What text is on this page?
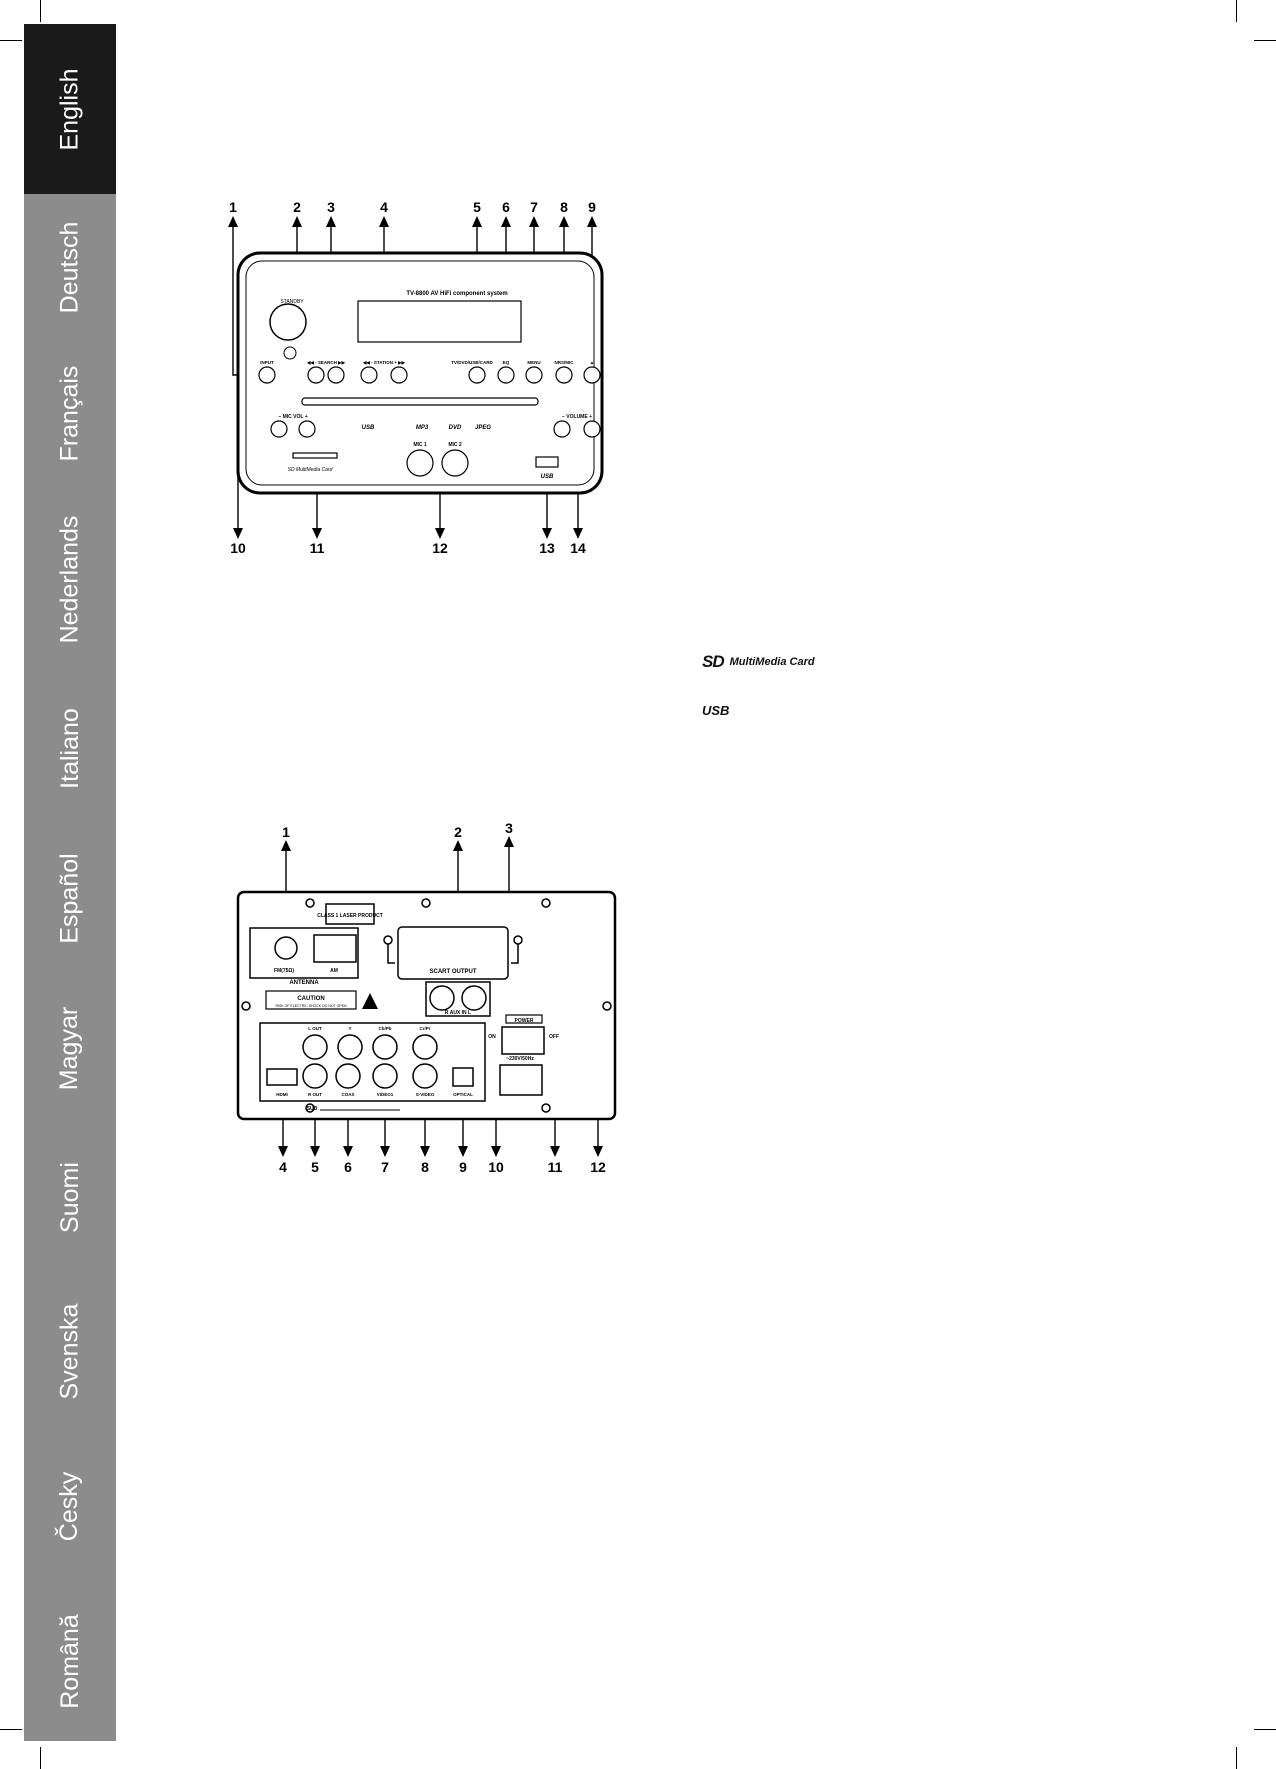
English
Deutsch
Français
Nederlands
Italiano
Español
Magyar
Suomi
Svenska
Česky
Română
1	2 3	4	5 6 7 8 9
10	11	12	13 14
STANDBY
TV-8800 AV HiFi component system
INPUT	◀◀ - SEARCH ▶▶	◀◀ - STATION + ▶▶	TV/DVD/USB/CARD EQ	MENU	NRS/MIC	▲
USB	MP3	DVD JPEG
− MIC VOL +	− VOLUME +
SD MultiMedia Card
MIC 1	MIC 2
USB
SD MultiMedia Card
USB
1	2	3
4 5 6 7 8 9 10	11 12
CLASS 1 LASER PRODUCT
FM(75Ω)	AM
ANTENNA
SCART OUTPUT
R AUX IN L
CAUTION
RISK OF ELECTRIC SHOCK DO NOT OPEN
POWER
ON	OFF
~230V/50Hz
L OUT	Y	Cb/Pb	Cr/Pr
HDMI	R OUT	COAX	VIDEO1	S-VIDEO	OPTICAL
SUB
